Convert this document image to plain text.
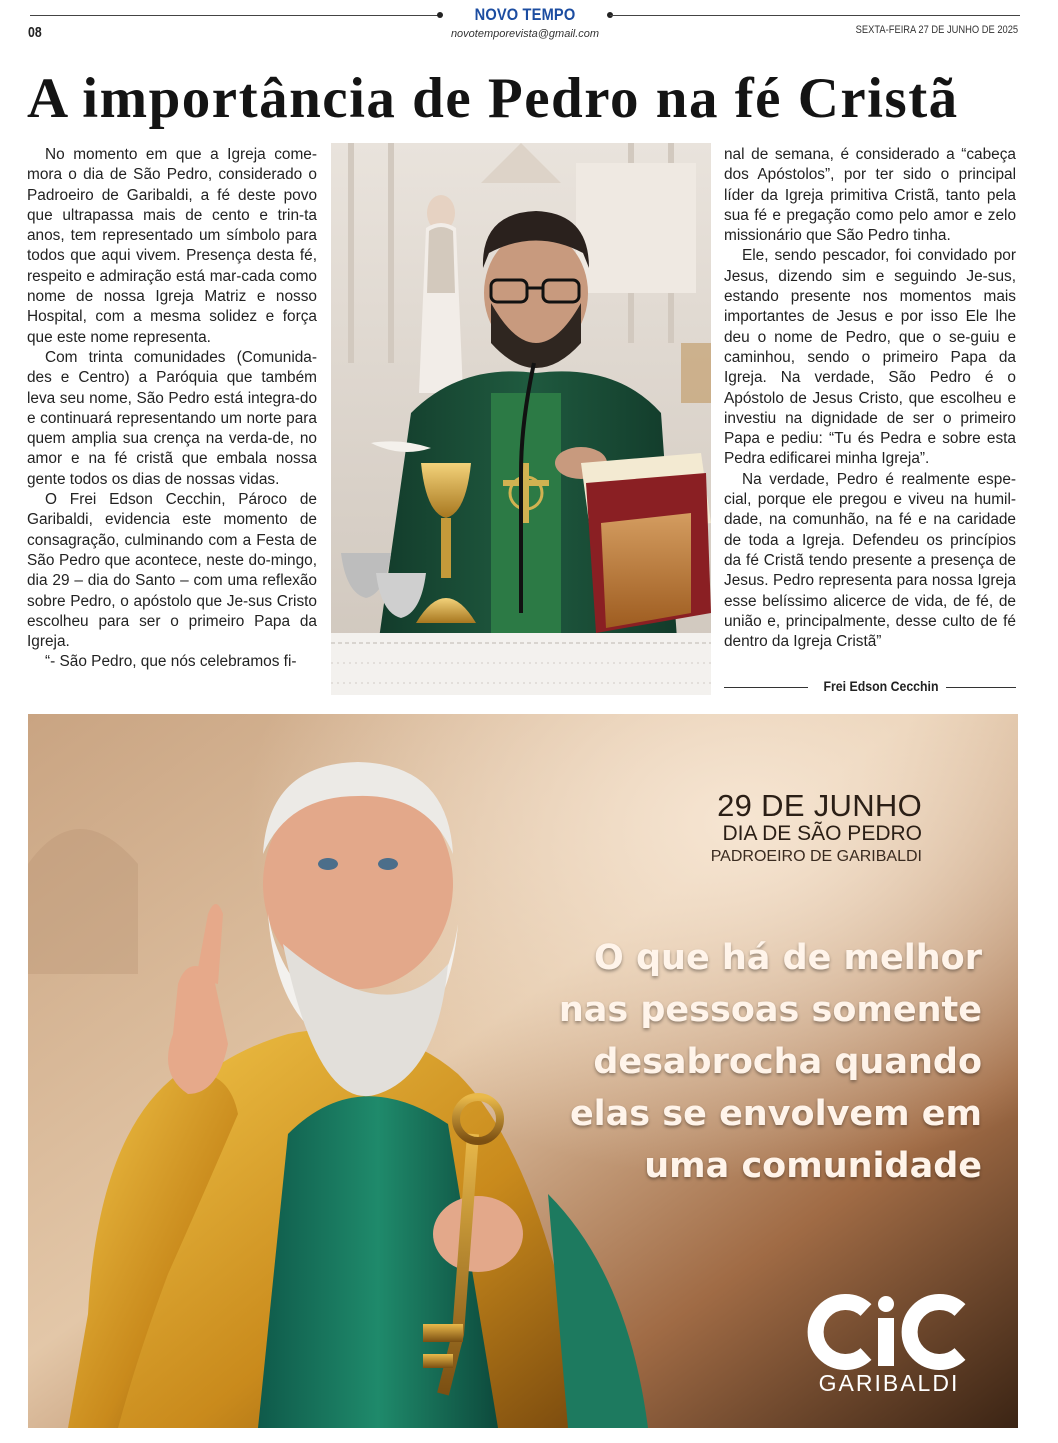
08
NOVO TEMPO
novotemporevista@gmail.com	SEXTA-FEIRA 27 DE JUNHO DE 2025
A importância de Pedro na fé Cristã

No momento em que a Igreja come-mora o dia de São Pedro, considerado o Padroeiro de Garibaldi, a fé deste povo que ultrapassa mais de cento e trin-ta anos, tem representado um símbolo para todos que aqui vivem. Presença desta fé, respeito e admiração está mar-cada como nome de nossa Igreja Matriz e nosso Hospital, com a mesma solidez e força que este nome representa.

Com trinta comunidades (Comunida-des e Centro) a Paróquia que também leva seu nome, São Pedro está integra-do e continuará representando um norte para quem amplia sua crença na verda-de, no amor e na fé cristã que embala nossa gente todos os dias de nossas vidas.

O Frei Edson Cecchin, Pároco de Garibaldi, evidencia este momento de consagração, culminando com a Festa de São Pedro que acontece, neste do-mingo, dia 29 – dia do Santo – com uma reflexão sobre Pedro, o apóstolo que Je-sus Cristo escolheu para ser o primeiro Papa da Igreja.

“- São Pedro, que nós celebramos fi-

nal de semana, é considerado a “cabeça dos Apóstolos”, por ter sido o principal líder da Igreja primitiva Cristã, tanto pela sua fé e pregação como pelo amor e zelo missionário que São Pedro tinha.

Ele, sendo pescador, foi convidado por Jesus, dizendo sim e seguindo Je-sus, estando presente nos momentos mais importantes de Jesus e por isso Ele lhe deu o nome de Pedro, que o se-guiu e caminhou, sendo o primeiro Papa da Igreja. Na verdade, São Pedro é o Apóstolo de Jesus Cristo, que escolheu e investiu na dignidade de ser o primeiro Papa e pediu: “Tu és Pedra e sobre esta Pedra edificarei minha Igreja”.

Na verdade, Pedro é realmente espe-cial, porque ele pregou e viveu na humil-dade, na comunhão, na fé e na caridade de toda a Igreja. Defendeu os princípios da fé Cristã tendo presente a presença de Jesus. Pedro representa para nossa Igreja esse belíssimo alicerce de vida, de fé, de união e, principalmente, desse culto de fé dentro da Igreja Cristã”

Frei Edson Cecchin
29 DE JUNHO
DIA DE SÃO PEDRO
PADROEIRO DE GARIBALDI
O que há de melhor
nas pessoas somente
desabrocha quando
elas se envolvem em
uma comunidade
GARIBALDI
